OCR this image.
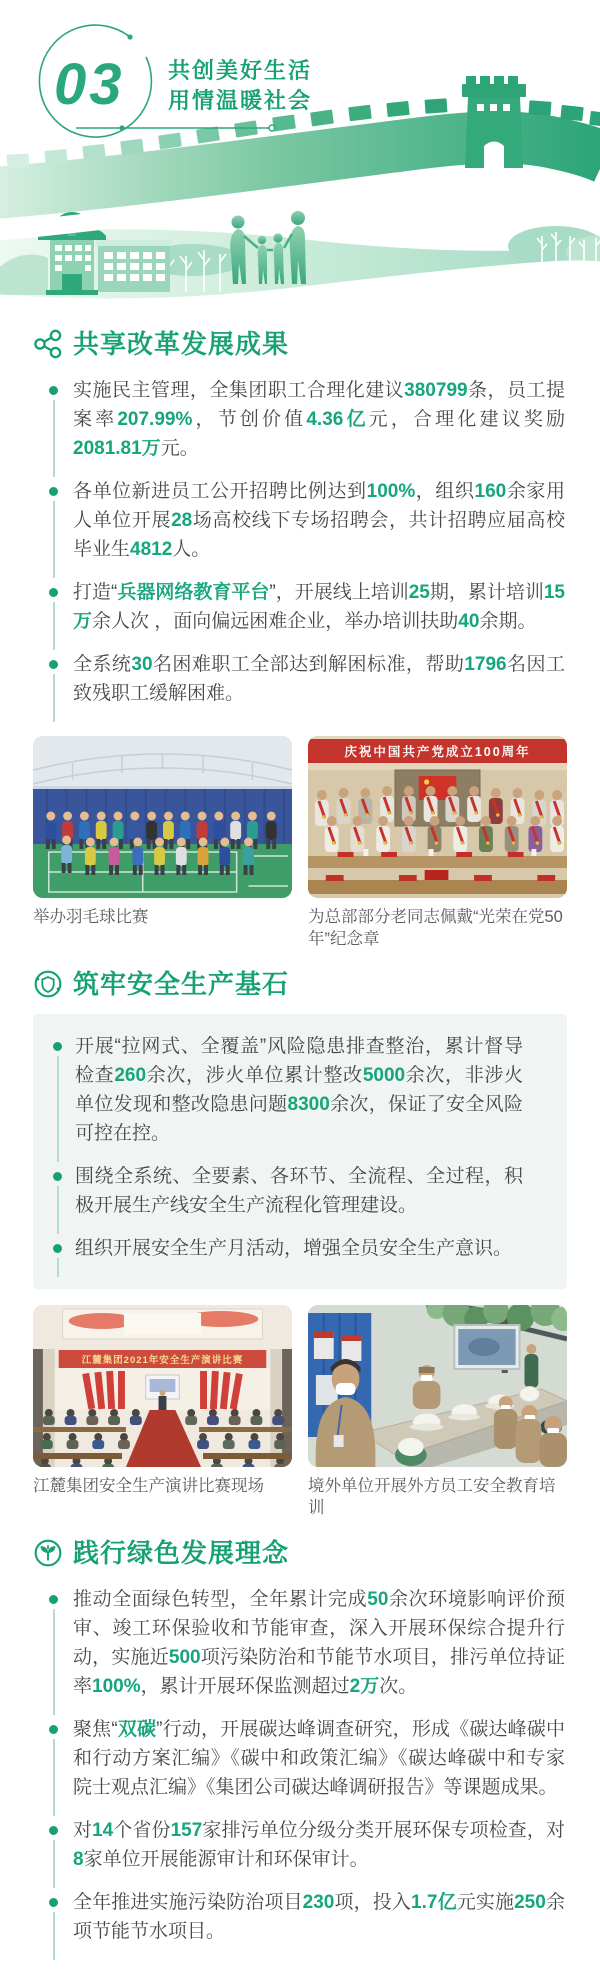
03 共创美好生活
用情温暖社会
共享改革发展成果

实施民主管理，全集团职工合理化建议380799条，员工提案率207.99%，节创价值4.36亿元，合理化建议奖励2081.81万元。

各单位新进员工公开招聘比例达到100%，组织160余家用人单位开展28场高校线下专场招聘会，共计招聘应届高校毕业生4812人。

打造“兵器网络教育平台”，开展线上培训25期，累计培训15万余人次 ，面向偏远困难企业，举办培训扶助40余期。

全系统30名困难职工全部达到解困标准，帮助1796名因工致残职工缓解困难。

庆祝中国共产党成立100周年
举办羽毛球比赛	为总部部分老同志佩戴“光荣在党50年”纪念章
筑牢安全生产基石

开展“拉网式、全覆盖”风险隐患排查整治，累计督导检查260余次，涉火单位累计整改5000余次，非涉火单位发现和整改隐患问题8300余次，保证了安全风险可控在控。

围绕全系统、全要素、各环节、全流程、全过程，积极开展生产线安全生产流程化管理建设。

组织开展安全生产月活动，增强全员安全生产意识。

江麓集团2021年安全生产演讲比赛
江麓集团安全生产演讲比赛现场	境外单位开展外方员工安全教育培训
践行绿色发展理念

推动全面绿色转型，全年累计完成50余次环境影响评价预审、竣工环保验收和节能审查，深入开展环保综合提升行动，实施近500项污染防治和节能节水项目，排污单位持证率100%，累计开展环保监测超过2万次。

聚焦“双碳”行动，开展碳达峰调查研究，形成《碳达峰碳中和行动方案汇编》《碳中和政策汇编》《碳达峰碳中和专家院士观点汇编》《集团公司碳达峰调研报告》等课题成果。

对14个省份157家排污单位分级分类开展环保专项检查，对8家单位开展能源审计和环保审计。

全年推进实施污染防治项目230项，投入1.7亿元实施250余项节能节水项目。
